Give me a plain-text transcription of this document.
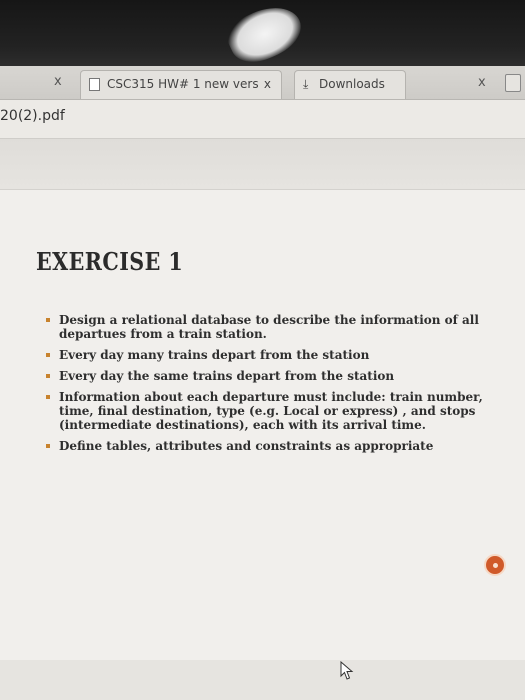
x	CSC315 HW# 1 new vers x	⤓ Downloads	x
20(2).pdf
EXERCISE 1
Design a relational database to describe the information of all departues from a train station.
Every day many trains depart from the station
Every day the same trains depart from the station
Information about each departure must include: train number, time, final destination, type (e.g. Local or express) , and stops (intermediate destinations), each with its arrival time.
Define tables, attributes and constraints as appropriate
